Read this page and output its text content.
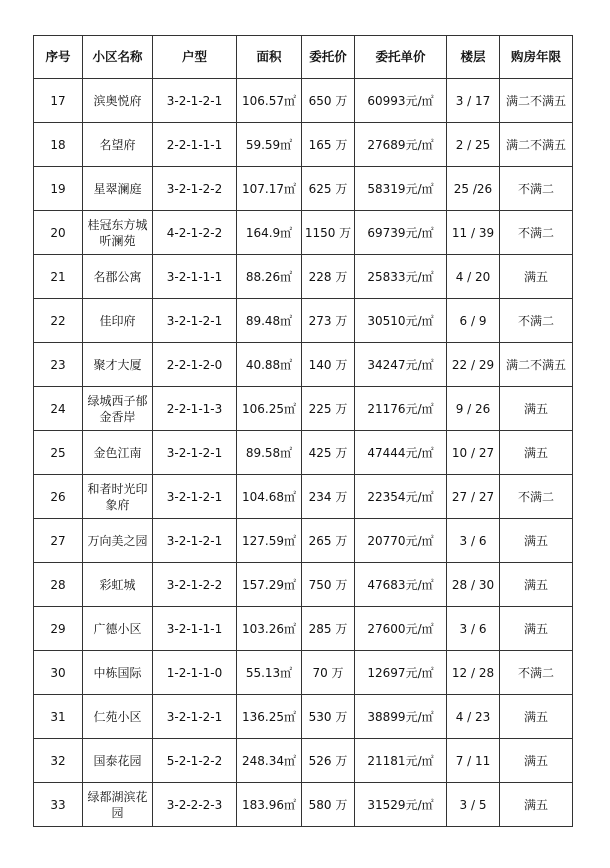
序号	小区名称	户型	面积	委托价	委托单价	楼层	购房年限
17	滨奥悦府	3-2-1-2-1	106.57㎡	650 万	60993元/㎡	3 / 17	满二不满五
18	名望府	2-2-1-1-1	59.59㎡	165 万	27689元/㎡	2 / 25	满二不满五
19	星翠澜庭	3-2-1-2-2	107.17㎡	625 万	58319元/㎡	25 /26	不满二
20	桂冠东方城听澜苑	4-2-1-2-2	164.9㎡	1150 万	69739元/㎡	11 / 39	不满二
21	名郡公寓	3-2-1-1-1	88.26㎡	228 万	25833元/㎡	4 / 20	满五
22	佳印府	3-2-1-2-1	89.48㎡	273 万	30510元/㎡	6 / 9	不满二
23	聚才大厦	2-2-1-2-0	40.88㎡	140 万	34247元/㎡	22 / 29	满二不满五
24	绿城西子郁金香岸	2-2-1-1-3	106.25㎡	225 万	21176元/㎡	9 / 26	满五
25	金色江南	3-2-1-2-1	89.58㎡	425 万	47444元/㎡	10 / 27	满五
26	和者时光印象府	3-2-1-2-1	104.68㎡	234 万	22354元/㎡	27 / 27	不满二
27	万向美之园	3-2-1-2-1	127.59㎡	265 万	20770元/㎡	3 / 6	满五
28	彩虹城	3-2-1-2-2	157.29㎡	750 万	47683元/㎡	28 / 30	满五
29	广德小区	3-2-1-1-1	103.26㎡	285 万	27600元/㎡	3 / 6	满五
30	中栋国际	1-2-1-1-0	55.13㎡	70 万	12697元/㎡	12 / 28	不满二
31	仁苑小区	3-2-1-2-1	136.25㎡	530 万	38899元/㎡	4 / 23	满五
32	国泰花园	5-2-1-2-2	248.34㎡	526 万	21181元/㎡	7 / 11	满五
33	绿都湖滨花园	3-2-2-2-3	183.96㎡	580 万	31529元/㎡	3 / 5	满五
